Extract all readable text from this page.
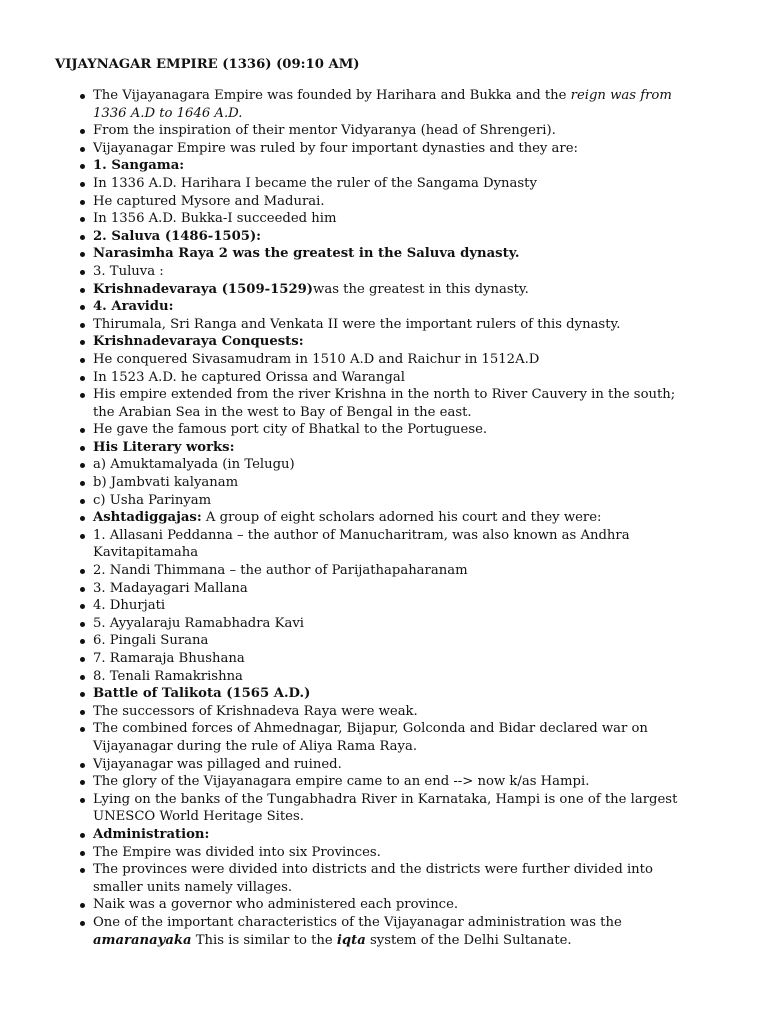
VIJAYNAGAR EMPIRE (1336) (09:10 AM)
The Vijayanagara Empire was founded by Harihara and Bukka and the reign was from 1336 A.D to 1646 A.D.
From the inspiration of their mentor Vidyaranya (head of Shrengeri).
Vijayanagar Empire was ruled by four important dynasties and they are:
1. Sangama:
In 1336 A.D. Harihara I became the ruler of the Sangama Dynasty
He captured Mysore and Madurai.
In 1356 A.D. Bukka-I succeeded him
2. Saluva (1486-1505):
Narasimha Raya 2 was the greatest in the Saluva dynasty.
3. Tuluva :
Krishnadevaraya (1509-1529)was the greatest in this dynasty.
4. Aravidu:
Thirumala, Sri Ranga and Venkata II were the important rulers of this dynasty.
Krishnadevaraya Conquests:
He conquered Sivasamudram in 1510 A.D and Raichur in 1512A.D
In 1523 A.D. he captured Orissa and Warangal
His empire extended from the river Krishna in the north to River Cauvery in the south; the Arabian Sea in the west to Bay of Bengal in the east.
He gave the famous port city of Bhatkal to the Portuguese.
His Literary works:
a) Amuktamalyada (in Telugu)
b) Jambvati kalyanam
c) Usha Parinyam
Ashtadiggajas: A group of eight scholars adorned his court and they were:
1. Allasani Peddanna – the author of Manucharitram, was also known as Andhra Kavitapitamaha
2. Nandi Thimmana – the author of Parijathapaharanam
3. Madayagari Mallana
4. Dhurjati
5. Ayyalaraju Ramabhadra Kavi
6. Pingali Surana
7. Ramaraja Bhushana
8. Tenali Ramakrishna
Battle of Talikota (1565 A.D.)
The successors of Krishnadeva Raya were weak.
The combined forces of Ahmednagar, Bijapur, Golconda and Bidar declared war on Vijayanagar during the rule of Aliya Rama Raya.
Vijayanagar was pillaged and ruined.
The glory of the Vijayanagara empire came to an end --> now k/as Hampi.
Lying on the banks of the Tungabhadra River in Karnataka, Hampi is one of the largest UNESCO World Heritage Sites.
Administration:
The Empire was divided into six Provinces.
The provinces were divided into districts and the districts were further divided into smaller units namely villages.
Naik was a governor who administered each province.
One of the important characteristics of the Vijayanagar administration was the amaranayaka This is similar to the iqta system of the Delhi Sultanate.
